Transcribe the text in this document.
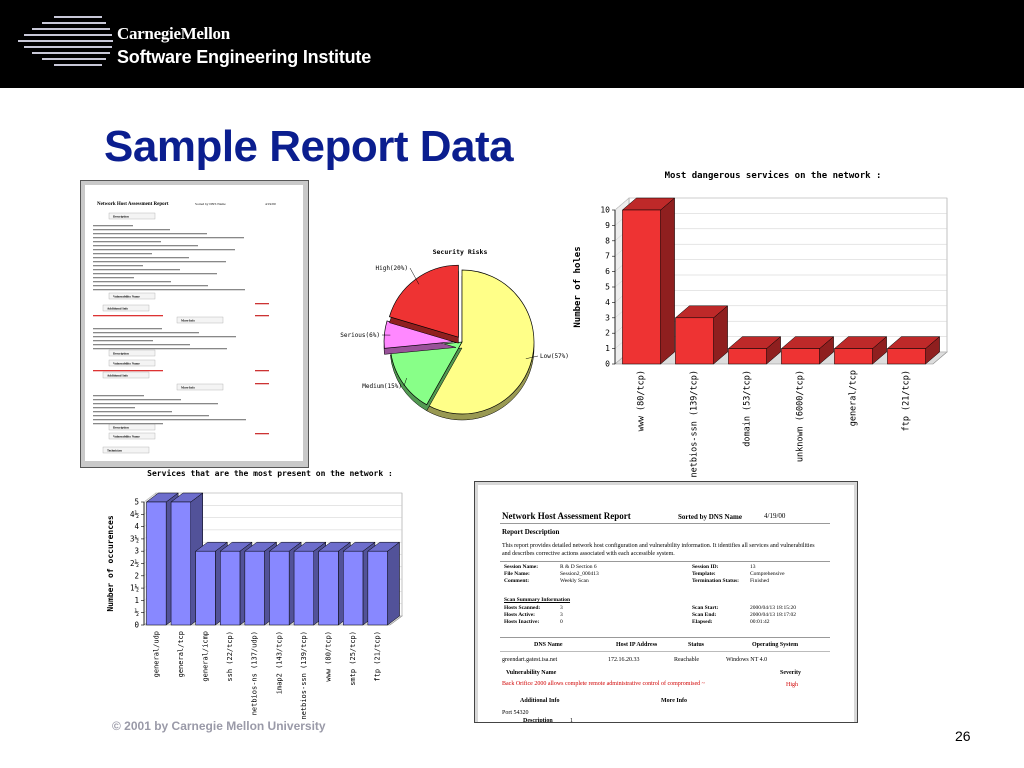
CarnegieMellon
Software Engineering Institute
Sample Report Data
Network Host Assessment Report	Sorted by DNS Name	4/19/00
Description
Vulnerability Name
Additional Info
More Info
Description
Vulnerability Name
Additional Info
More Info
Description
Vulnerability Name
Technician
Security Risks
Low(57%)
Medium(15%)
Serious(6%)
High(20%)
Most dangerous services on the network :
0
1
2
3
4
5
6
7
8
9
10
Number of holes
www (80/tcp)	netbios-ssn (139/tcp)	domain (53/tcp)	unknown (6000/tcp)	general/tcp	ftp (21/tcp)
Services that are the most present on the network :
0
½
1
1½
2
2½
3
3½
4
4½
5
Number of occurences
general/udp general/tcp general/icmp ssh (22/tcp) netbios-ns (137/udp) imap2 (143/tcp) netbios-ssn (139/tcp) www (80/tcp) smtp (25/tcp) ftp (21/tcp)
Network Host Assessment Report	Sorted by DNS Name	4/19/00
Report Description
This report provides detailed network host configuration and vulnerability information. It identifies all services and vulnerabilities and describes corrective actions associated with each accessible system.
Session Name:	R & D Section 6
File Name:	Session2_000413
Comment:	Weekly Scan
Session ID:	13
Template:	Comprehensive
Termination Status: Finished
Scan Summary Information
Hosts Scanned:	3
Hosts Active:	3
Hosts Inactive:	0
Scan Start:	2000/04/13 18:15:20
Scan End:	2000/04/13 18:17:02
Elapsed:	00:01:42
DNS Name	Host IP Address	Status	Operating System
greendart.gatest.isa.net	172.16.20.33	Reachable	Windows NT 4.0
Vulnerability Name	Severity
Back Orifice 2000 allows complete remote administrative control of compromised ~	High
Additional Info	More Info
Port 54320
Description	1
© 2001 by Carnegie Mellon University
26
